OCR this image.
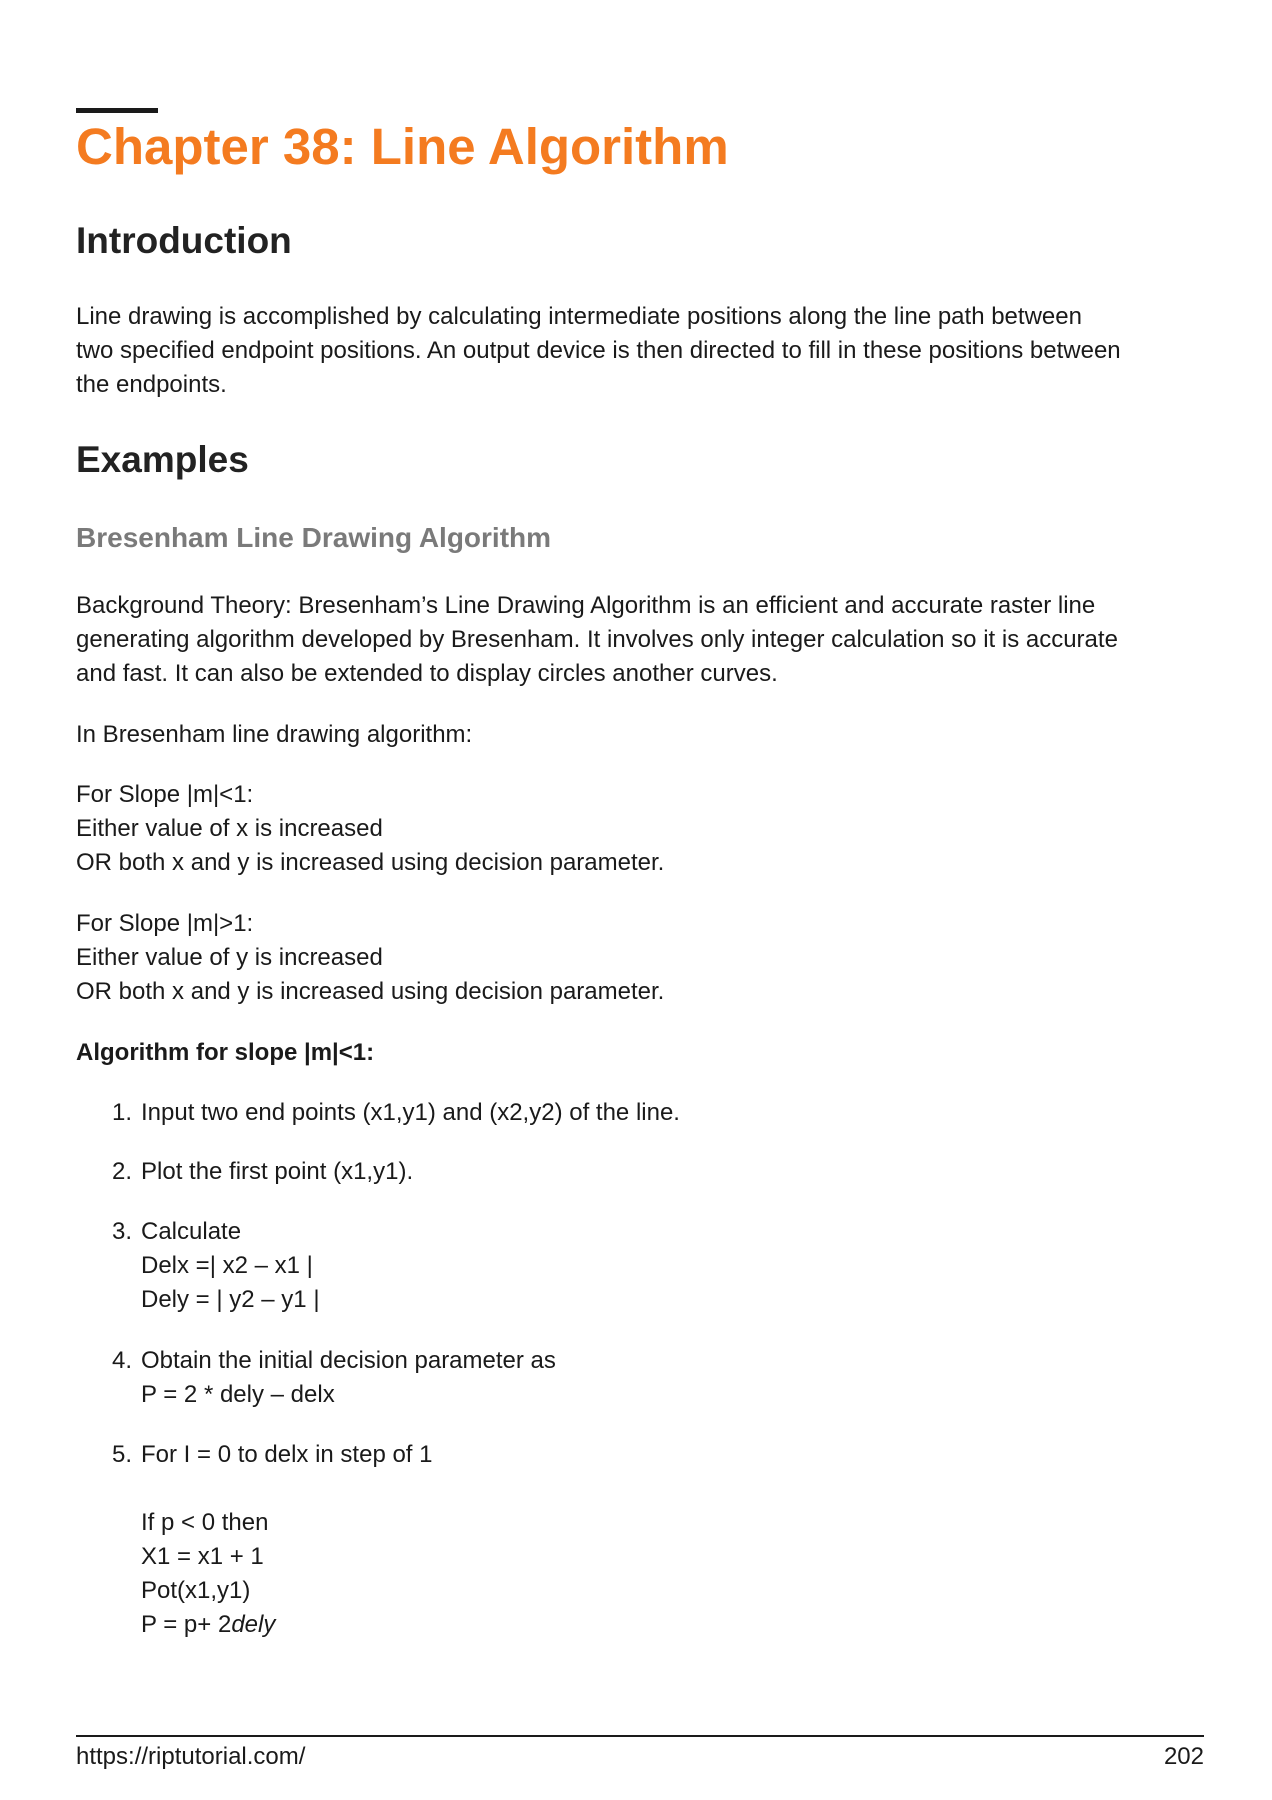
Chapter 38: Line Algorithm
Introduction

Line drawing is accomplished by calculating intermediate positions along the line path between
two specified endpoint positions. An output device is then directed to fill in these positions between
the endpoints.

Examples
Bresenham Line Drawing Algorithm

Background Theory: Bresenham’s Line Drawing Algorithm is an efficient and accurate raster line
generating algorithm developed by Bresenham. It involves only integer calculation so it is accurate
and fast. It can also be extended to display circles another curves.

In Bresenham line drawing algorithm:

For Slope |m|<1:
Either value of x is increased
OR both x and y is increased using decision parameter.

For Slope |m|>1:
Either value of y is increased
OR both x and y is increased using decision parameter.

Algorithm for slope |m|<1:

1. Input two end points (x1,y1) and (x2,y2) of the line.
2. Plot the first point (x1,y1).
3. Calculate
Delx =| x2 – x1 |
Dely = | y2 – y1 |
4. Obtain the initial decision parameter as
P = 2 * dely – delx
5. For I = 0 to delx in step of 1
If p < 0 then
X1 = x1 + 1
Pot(x1,y1)
P = p+ 2dely
https://riptutorial.com/	202
